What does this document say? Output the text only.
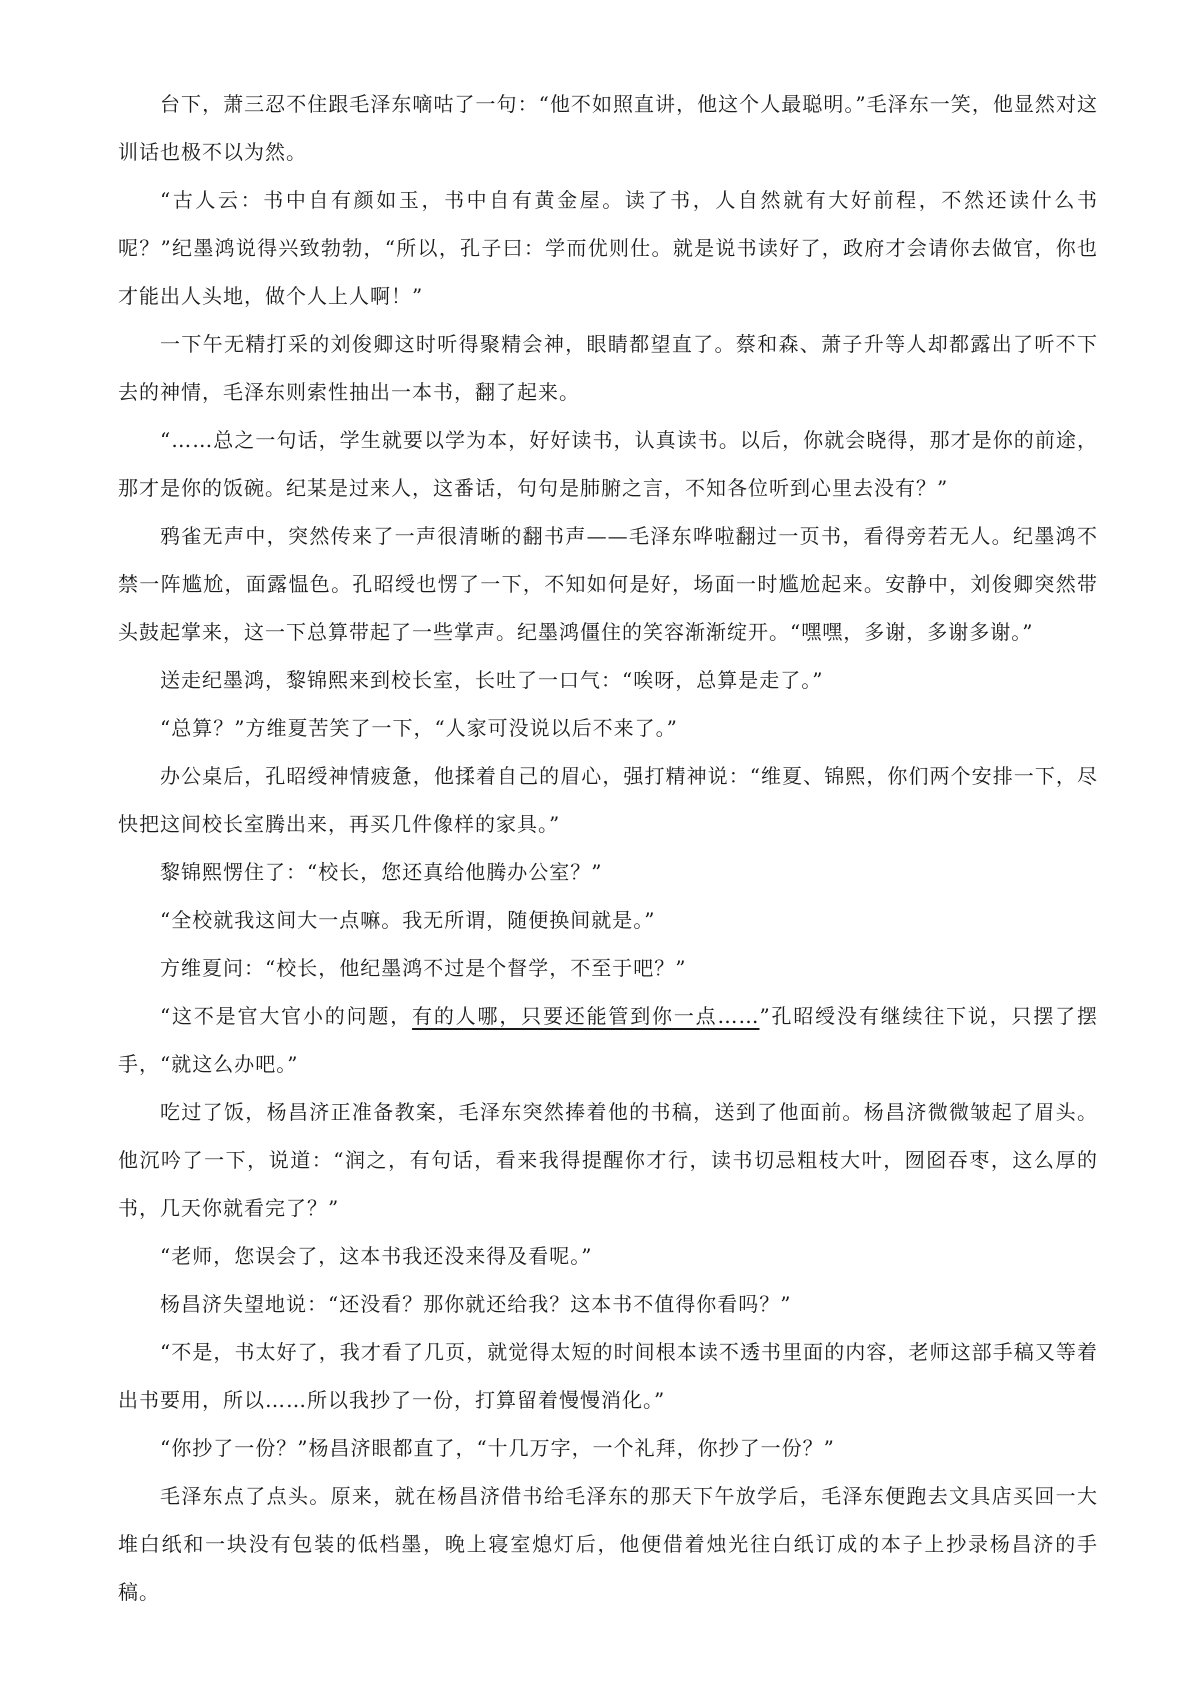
台下，萧三忍不住跟毛泽东嘀咕了一句：“他不如照直讲，他这个人最聪明。”毛泽东一笑，他显然对这训话也极不以为然。

“古人云：书中自有颜如玉，书中自有黄金屋。读了书，人自然就有大好前程，不然还读什么书呢？”纪墨鸿说得兴致勃勃，“所以，孔子曰：学而优则仕。就是说书读好了，政府才会请你去做官，你也才能出人头地，做个人上人啊！”

一下午无精打采的刘俊卿这时听得聚精会神，眼睛都望直了。蔡和森、萧子升等人却都露出了听不下去的神情，毛泽东则索性抽出一本书，翻了起来。

“……总之一句话，学生就要以学为本，好好读书，认真读书。以后，你就会晓得，那才是你的前途，那才是你的饭碗。纪某是过来人，这番话，句句是肺腑之言，不知各位听到心里去没有？”

鸦雀无声中，突然传来了一声很清晰的翻书声——毛泽东哗啦翻过一页书，看得旁若无人。纪墨鸿不禁一阵尴尬，面露愠色。孔昭绶也愣了一下，不知如何是好，场面一时尴尬起来。安静中，刘俊卿突然带头鼓起掌来，这一下总算带起了一些掌声。纪墨鸿僵住的笑容渐渐绽开。“嘿嘿，多谢，多谢多谢。”

送走纪墨鸿，黎锦熙来到校长室，长吐了一口气：“唉呀，总算是走了。”

“总算？”方维夏苦笑了一下，“人家可没说以后不来了。”

办公桌后，孔昭绶神情疲惫，他揉着自己的眉心，强打精神说：“维夏、锦熙，你们两个安排一下，尽快把这间校长室腾出来，再买几件像样的家具。”

黎锦熙愣住了：“校长，您还真给他腾办公室？”

“全校就我这间大一点嘛。我无所谓，随便换间就是。”

方维夏问：“校长，他纪墨鸿不过是个督学，不至于吧？”

“这不是官大官小的问题，有的人哪，只要还能管到你一点……”孔昭绶没有继续往下说，只摆了摆手，“就这么办吧。”

吃过了饭，杨昌济正准备教案，毛泽东突然捧着他的书稿，送到了他面前。杨昌济微微皱起了眉头。他沉吟了一下，说道：“润之，有句话，看来我得提醒你才行，读书切忌粗枝大叶，囫囵吞枣，这么厚的书，几天你就看完了？”

“老师，您误会了，这本书我还没来得及看呢。”

杨昌济失望地说：“还没看？那你就还给我？这本书不值得你看吗？”

“不是，书太好了，我才看了几页，就觉得太短的时间根本读不透书里面的内容，老师这部手稿又等着出书要用，所以……所以我抄了一份，打算留着慢慢消化。”

“你抄了一份？”杨昌济眼都直了，“十几万字，一个礼拜，你抄了一份？”

毛泽东点了点头。原来，就在杨昌济借书给毛泽东的那天下午放学后，毛泽东便跑去文具店买回一大堆白纸和一块没有包装的低档墨，晚上寝室熄灯后，他便借着烛光往白纸订成的本子上抄录杨昌济的手稿。
